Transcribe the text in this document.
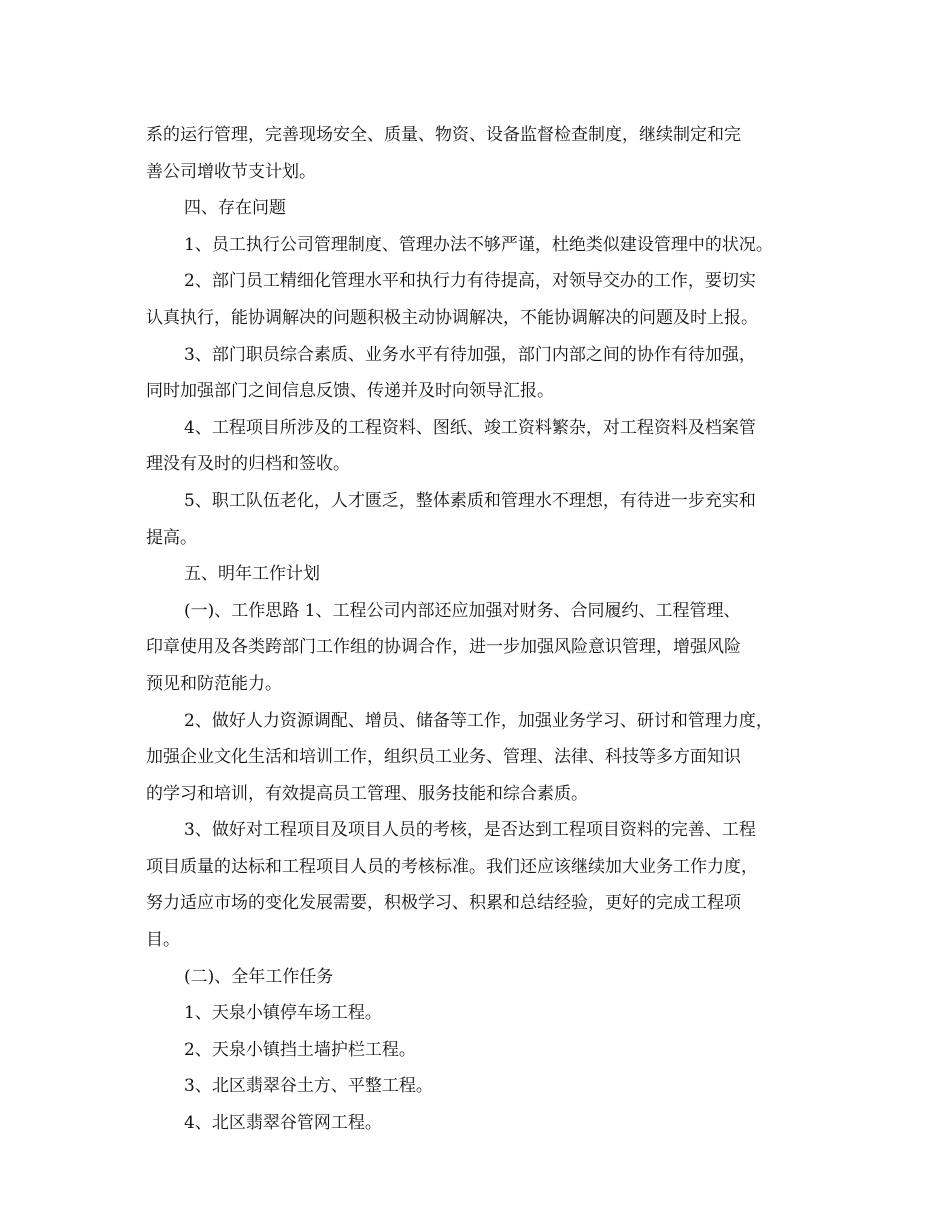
系的运行管理，完善现场安全、质量、物资、设备监督检查制度，继续制定和完
善公司增收节支计划。
四、存在问题
1、员工执行公司管理制度、管理办法不够严谨，杜绝类似建设管理中的状况。
2、部门员工精细化管理水平和执行力有待提高，对领导交办的工作，要切实
认真执行，能协调解决的问题积极主动协调解决，不能协调解决的问题及时上报。
3、部门职员综合素质、业务水平有待加强，部门内部之间的协作有待加强，
同时加强部门之间信息反馈、传递并及时向领导汇报。
4、工程项目所涉及的工程资料、图纸、竣工资料繁杂，对工程资料及档案管
理没有及时的归档和签收。
5、职工队伍老化，人才匮乏，整体素质和管理水不理想，有待进一步充实和
提高。
五、明年工作计划
(一)、工作思路 1、工程公司内部还应加强对财务、合同履约、工程管理、
印章使用及各类跨部门工作组的协调合作，进一步加强风险意识管理，增强风险
预见和防范能力。
2、做好人力资源调配、增员、储备等工作，加强业务学习、研讨和管理力度，
加强企业文化生活和培训工作，组织员工业务、管理、法律、科技等多方面知识
的学习和培训，有效提高员工管理、服务技能和综合素质。
3、做好对工程项目及项目人员的考核，是否达到工程项目资料的完善、工程
项目质量的达标和工程项目人员的考核标准。我们还应该继续加大业务工作力度，
努力适应市场的变化发展需要，积极学习、积累和总结经验，更好的完成工程项
目。
(二)、全年工作任务
1、天泉小镇停车场工程。
2、天泉小镇挡土墙护栏工程。
3、北区翡翠谷土方、平整工程。
4、北区翡翠谷管网工程。
